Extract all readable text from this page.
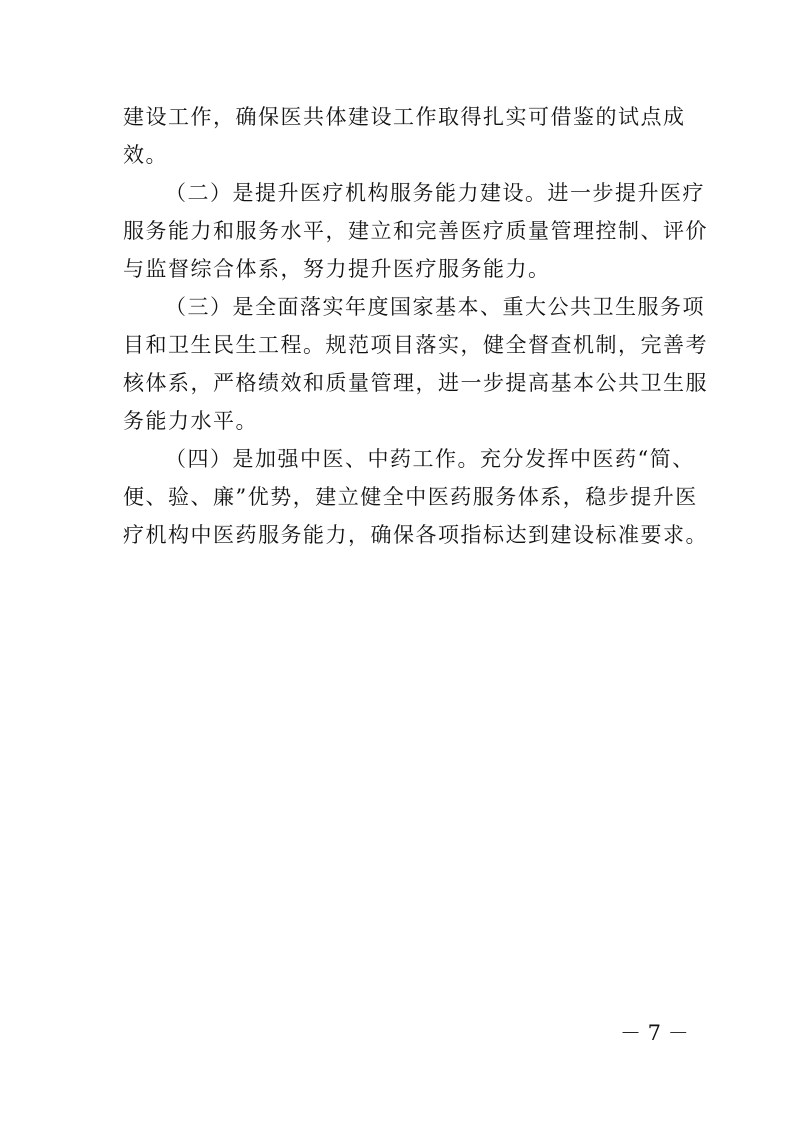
建设工作，确保医共体建设工作取得扎实可借鉴的试点成
效。
（二）是提升医疗机构服务能力建设。进一步提升医疗
服务能力和服务水平，建立和完善医疗质量管理控制、评价
与监督综合体系，努力提升医疗服务能力。
（三）是全面落实年度国家基本、重大公共卫生服务项
目和卫生民生工程。规范项目落实，健全督查机制，完善考
核体系，严格绩效和质量管理，进一步提高基本公共卫生服
务能力水平。
（四）是加强中医、中药工作。充分发挥中医药“简、
便、验、廉”优势，建立健全中医药服务体系，稳步提升医
疗机构中医药服务能力，确保各项指标达到建设标准要求。
－ 7 －
